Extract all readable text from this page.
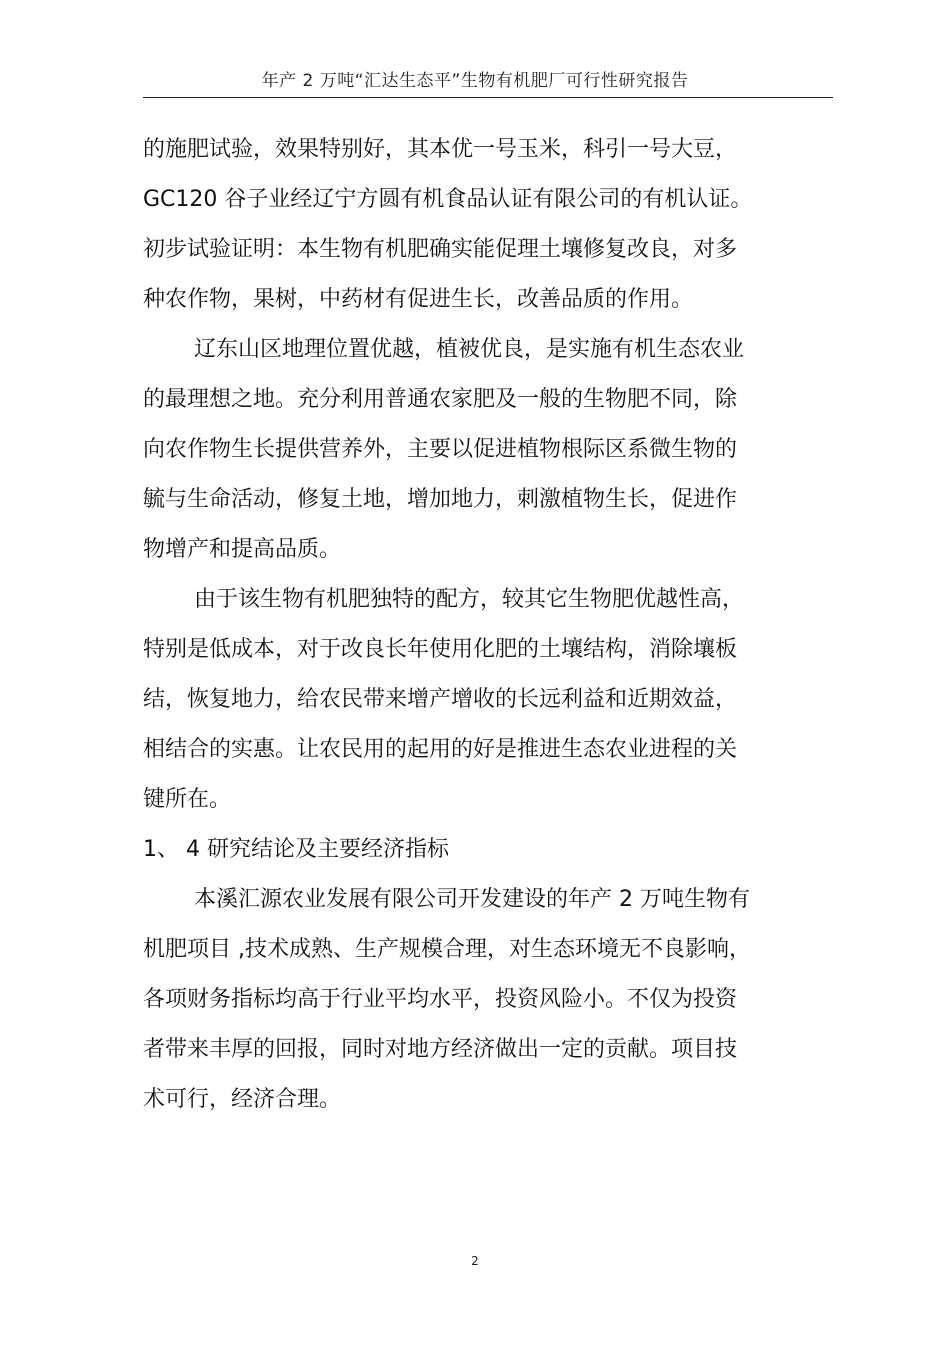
年产 2 万吨“汇达生态平”生物有机肥厂可行性研究报告
的施肥试验，效果特别好，其本优一号玉米，科引一号大豆，
GC120 谷子业经辽宁方圆有机食品认证有限公司的有机认证。
初步试验证明：本生物有机肥确实能促理土壤修复改良，对多
种农作物，果树，中药材有促进生长，改善品质的作用。
辽东山区地理位置优越，植被优良，是实施有机生态农业
的最理想之地。充分利用普通农家肥及一般的生物肥不同，除
向农作物生长提供营养外，主要以促进植物根际区系微生物的
毓与生命活动，修复土地，增加地力，刺激植物生长，促进作
物增产和提高品质。
由于该生物有机肥独特的配方，较其它生物肥优越性高，
特别是低成本，对于改良长年使用化肥的土壤结构，消除壤板
结，恢复地力，给农民带来增产增收的长远利益和近期效益，
相结合的实惠。让农民用的起用的好是推进生态农业进程的关
键所在。
1、 4 研究结论及主要经济指标
本溪汇源农业发展有限公司开发建设的年产 2 万吨生物有
机肥项目 ,技术成熟、生产规模合理，对生态环境无不良影响，
各项财务指标均高于行业平均水平，投资风险小。不仅为投资
者带来丰厚的回报，同时对地方经济做出一定的贡献。项目技
术可行，经济合理。
2
